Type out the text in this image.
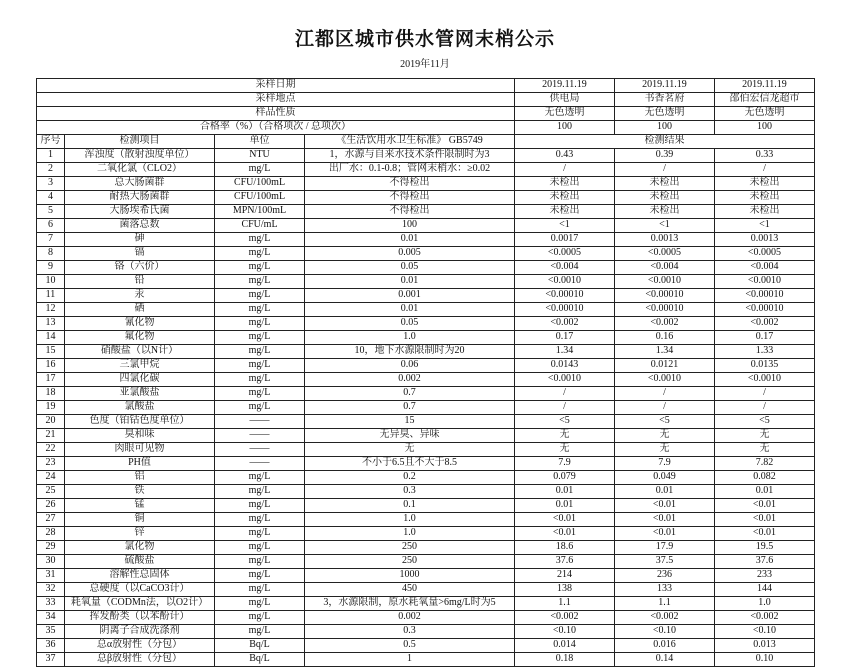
江都区城市供水管网末梢公示
2019年11月
采样日期				2019.11.19	2019.11.19	2019.11.19
采样地点				供电局	书香茗府	邵伯宏信龙超市
样品性质				无色透明	无色透明	无色透明
合格率（%）（合格项次 / 总项次）				100	100	100
序号	检测项目	单位	《生活饮用水卫生标准》 GB5749	检测结果		
1	浑浊度（散射浊度单位）	NTU	1，水源与自来水技术条件限制时为3	0.43	0.39	0.33
2	二氧化氯（CLO2）	mg/L	出厂水：0.1-0.8；管网末梢水：≥0.02	/	/	/
3	总大肠菌群	CFU/100mL	不得检出	未检出	未检出	未检出
4	耐热大肠菌群	CFU/100mL	不得检出	未检出	未检出	未检出
5	大肠埃希氏菌	MPN/100mL	不得检出	未检出	未检出	未检出
6	菌落总数	CFU/mL	100	<1	<1	<1
7	砷	mg/L	0.01	0.0017	0.0013	0.0013
8	镉	mg/L	0.005	<0.0005	<0.0005	<0.0005
9	铬（六价）	mg/L	0.05	<0.004	<0.004	<0.004
10	铅	mg/L	0.01	<0.0010	<0.0010	<0.0010
11	汞	mg/L	0.001	<0.00010	<0.00010	<0.00010
12	硒	mg/L	0.01	<0.00010	<0.00010	<0.00010
13	氰化物	mg/L	0.05	<0.002	<0.002	<0.002
14	氟化物	mg/L	1.0	0.17	0.16	0.17
15	硝酸盐（以N计）	mg/L	10，地下水源限制时为20	1.34	1.34	1.33
16	三氯甲烷	mg/L	0.06	0.0143	0.0121	0.0135
17	四氯化碳	mg/L	0.002	<0.0010	<0.0010	<0.0010
18	亚氯酸盐	mg/L	0.7	/	/	/
19	氯酸盐	mg/L	0.7	/	/	/
20	色度（铂钴色度单位）	——	15	<5	<5	<5
21	臭和味	——	无异臭、异味	无	无	无
22	肉眼可见物	——	无	无	无	无
23	PH值	——	不小于6.5且不大于8.5	7.9	7.9	7.82
24	铝	mg/L	0.2	0.079	0.049	0.082
25	铁	mg/L	0.3	0.01	0.01	0.01
26	锰	mg/L	0.1	0.01	<0.01	<0.01
27	铜	mg/L	1.0	<0.01	<0.01	<0.01
28	锌	mg/L	1.0	<0.01	<0.01	<0.01
29	氯化物	mg/L	250	18.6	17.9	19.5
30	硫酸盐	mg/L	250	37.6	37.5	37.6
31	溶解性总固体	mg/L	1000	214	236	233
32	总硬度（以CaCO3计）	mg/L	450	138	133	144
33	耗氧量（CODMn法，以O2计）	mg/L	3，水源限制，原水耗氧量>6mg/L时为5	1.1	1.1	1.0
34	挥发酚类（以苯酚计）	mg/L	0.002	<0.002	<0.002	<0.002
35	阴离子合成洗涤剂	mg/L	0.3	<0.10	<0.10	<0.10
36	总α放射性（分包）	Bq/L	0.5	0.014	0.016	0.013
37	总β放射性（分包）	Bq/L	1	0.18	0.14	0.10
